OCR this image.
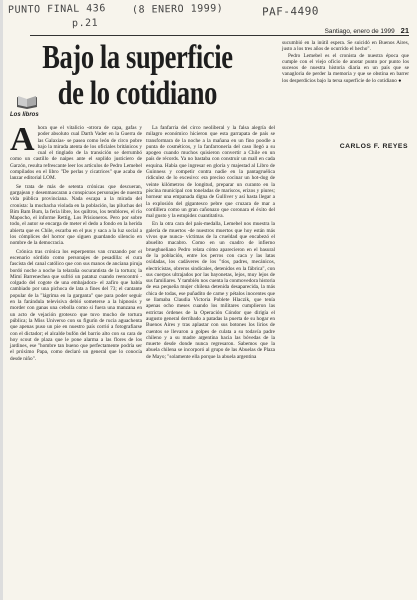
PUNTO FINAL 436	(8 ENERO 1999)	PAF-4490
p.21
Santiago, enero de 1999 21
Bajo la superficie
de lo cotidiano
Los libros
CARLOS F. REYES

Ahora que el vitalicio -otrora de capa, gafas y poder absoluto cual Darth Vader en la Guerra de las Galaxias- se pasea como león de circo pobre bajo la mirada atenta de los oficiales británicos y cual el tinglado de la transición se derrumbó como un castillo de naipes ante el soplido justiciero de Garzón, resulta refrescante leer los artículos de Pedro Lemebel compilados en el libro "De perlas y cicatrices" que acaba de lanzar editorial LOM.

Se trata de más de setenta crónicas que descueran, gargajean y desenmascaran a conspicuos personajes de nuestra vida pública provinciana. Nada escapa a la mirada del cronista: la muchacha violada en la población, las piluchas del Bim Bam Bum, la feria libre, los quiltros, los temblores, el río Mapocho, el informe Rettig, Los Prisioneros. Pero por sobre todo, el autor se encarga de meter el dedo a fondo en la herida abierta que es Chile, escarba en el pus y saca a la luz social a los cómplices del horror que siguen guardando silencio en nombre de la democracia.

Crónica tras crónica los esperpentos van cruzando por el escenario sórdido como personajes de pesadilla: el cura fascista del canal católico que con sus manos de anciana piruja bordó noche a noche la telaraña oscurantista de la tortura; la Mimí Barrenechea que sufrió un patatuz cuando reencontró -colgado del cogote de una embajadora- el zafiro que había cambiado por una pichoca de lata a fines del 73; el cantante popular de la "lágrima en la garganta" que para poder seguir en la farándula televisiva debió someterse a la hipnosis y morder con ganas una cebolla como si fuera una manzana en un acto de vejación grotesco que tuvo mucho de tortura pública; la Miss Universo con su figurín de rucia aguachenta que apenas puso un pie en nuestro país corrió a fotografiarse con el dictador; el alcalde bufón del barrio alto con su cara de hoy scout de plaza que le pone alarma a las flores de los jardines, ese "hombre tan bueno que perfectamente podría ser el próximo Papa, como declaró un general que lo conocía desde niño".

La fanfarria del circo neoliberal y la falsa alegría del milagro económico hicieron que esta garrapata de país se transformara de la noche a la mañana en un fino poodle a punta de cosméticos, y la fanfarronería del caso llegó a su apogeo cuando muchos quisieron convertir a Chile en un país de récords. Ya no bastaba con construir un mall en cada esquina. Había que ingresar en gloria y majestad al Libro de Guinness y competir contra nadie en la pantagruélica ridiculez de lo excesivo: era preciso cocinar un hot-dog de veinte kilómetros de longitud, preparar un curanto en la piscina municipal con toneladas de mariscos, erizos y piures; hornear una empanada digna de Gulliver y así hasta llegar a la explosión del gigantesco pebre que cruzara de mar a cordillera como un gran cañonazo que coronara el éxito del mal gusto y la estupidez cuantitativa.

En la otra cara del país-medalla, Lemebel nos muestra la galería de muertos -de nuestros muertos que hoy están más vivos que nunca- víctimas de la crueldad que encabezó el abuelito macabro. Como en un cuadro de infierno brueghueliano Pedro relata cómo aparecieron en el basural de la población, entre los perros con caca y las latas oxidadas, los cadáveres de los "tíos, padres, mecánicos, electricistas, obreros sindicales, detenidos en la fábrica", con sus cuerpos ultrajados por las bayonetas, lejos, muy lejos de sus familiares. Y también nos cuenta la conmovedora historia de esa pequeña mujer chilena detenida desaparecida, la más chica de todas, ese puñadito de carne y pétalos inocentes que se llamaba Claudia Victoria Poblete Hlaczik, que tenía apenas ocho meses cuando los militares cumplieron las estrictas órdenes de la Operación Cóndor que dirigía el augusto general derribado a patadas la puerta de su hogar en Buenos Aires y tras aplastar con sus botones los lirios de cuentos se llevaron a golpes de culata a su todavía padre chileno y a su madre argentina hacia las bóvedas de la muerte desde donde nunca regresaron. Sabemos que la abuela chilena se incorporó al grupo de las Abuelas de Plaza de Mayo; "solamente ella porque la abuela argentina

sucumbió en la inútil espera. Se suicidó en Buenos Aires, justo a los tres años de ocurrido el hecho".

Pedro Lemebel es el cronista de nuestra época que cumple con el viejo oficio de anotar punto por punto los sucesos de nuestra historia diaria en un país que se vanagloria de perder la memoria y que se obstina en barrer los desperdicios bajo la tersa superficie de lo cotidiano ●
